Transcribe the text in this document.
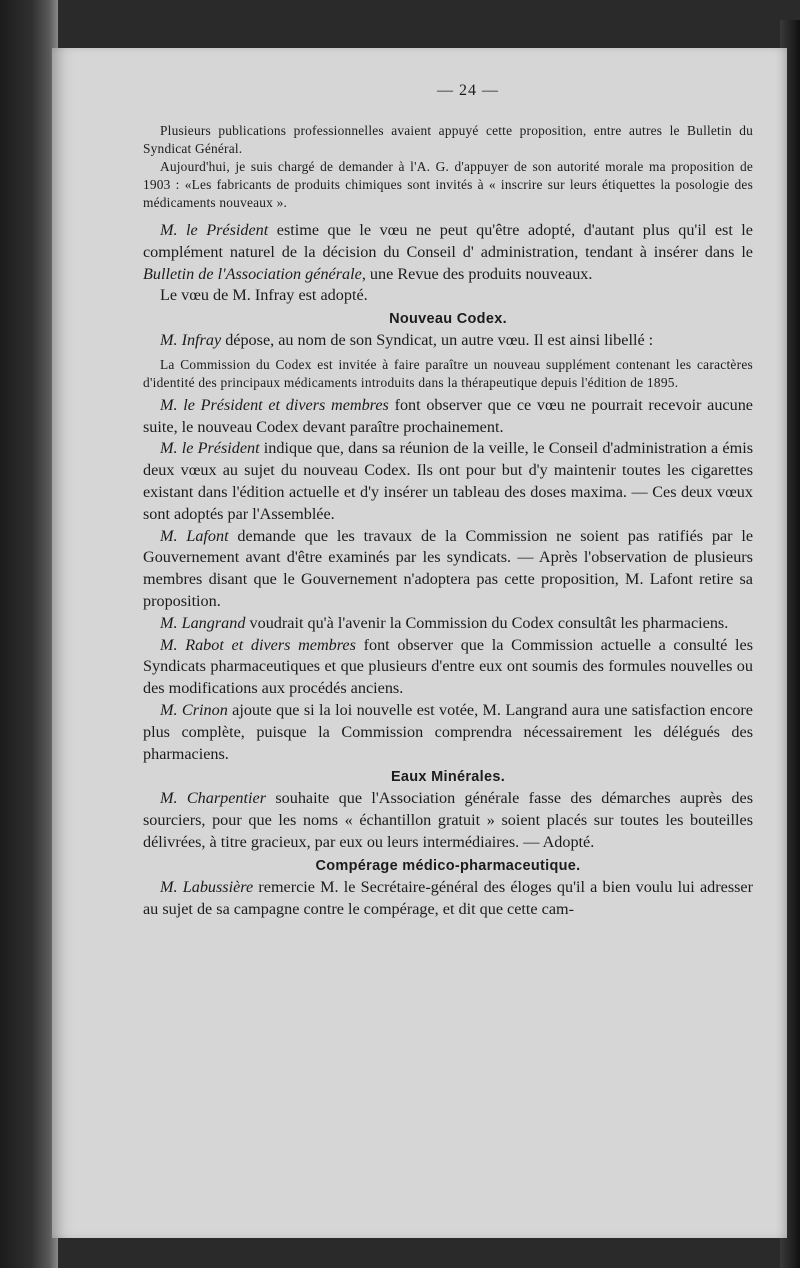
— 24 —

Plusieurs publications professionnelles avaient appuyé cette proposition, entre autres le Bulletin du Syndicat Général.

Aujourd'hui, je suis chargé de demander à l'A. G. d'appuyer de son autorité morale ma proposition de 1903 : «Les fabricants de produits chimiques sont invités à « inscrire sur leurs étiquettes la posologie des médicaments nouveaux ».

M. le Président estime que le vœu ne peut qu'être adopté, d'autant plus qu'il est le complément naturel de la décision du Conseil d' administration, tendant à insérer dans le Bulletin de l'Association générale, une Revue des produits nouveaux.

Le vœu de M. Infray est adopté.

Nouveau Codex.

M. Infray dépose, au nom de son Syndicat, un autre vœu. Il est ainsi libellé :

La Commission du Codex est invitée à faire paraître un nouveau supplément contenant les caractères d'identité des principaux médicaments introduits dans la thérapeutique depuis l'édition de 1895.

M. le Président et divers membres font observer que ce vœu ne pourrait recevoir aucune suite, le nouveau Codex devant paraître prochainement.

M. le Président indique que, dans sa réunion de la veille, le Conseil d'administration a émis deux vœux au sujet du nouveau Codex. Ils ont pour but d'y maintenir toutes les cigarettes existant dans l'édition actuelle et d'y insérer un tableau des doses maxima. — Ces deux vœux sont adoptés par l'Assemblée.

M. Lafont demande que les travaux de la Commission ne soient pas ratifiés par le Gouvernement avant d'être examinés par les syndicats. — Après l'observation de plusieurs membres disant que le Gouvernement n'adoptera pas cette proposition, M. Lafont retire sa proposition.

M. Langrand voudrait qu'à l'avenir la Commission du Codex consultât les pharmaciens.

M. Rabot et divers membres font observer que la Commission actuelle a consulté les Syndicats pharmaceutiques et que plusieurs d'entre eux ont soumis des formules nouvelles ou des modifications aux procédés anciens.

M. Crinon ajoute que si la loi nouvelle est votée, M. Langrand aura une satisfaction encore plus complète, puisque la Commission comprendra nécessairement les délégués des pharmaciens.

Eaux Minérales.

M. Charpentier souhaite que l'Association générale fasse des démarches auprès des sourciers, pour que les noms « échantillon gratuit » soient placés sur toutes les bouteilles délivrées, à titre gracieux, par eux ou leurs intermédiaires. — Adopté.

Compérage médico-pharmaceutique.

M. Labussière remercie M. le Secrétaire-général des éloges qu'il a bien voulu lui adresser au sujet de sa campagne contre le compérage, et dit que cette cam-
